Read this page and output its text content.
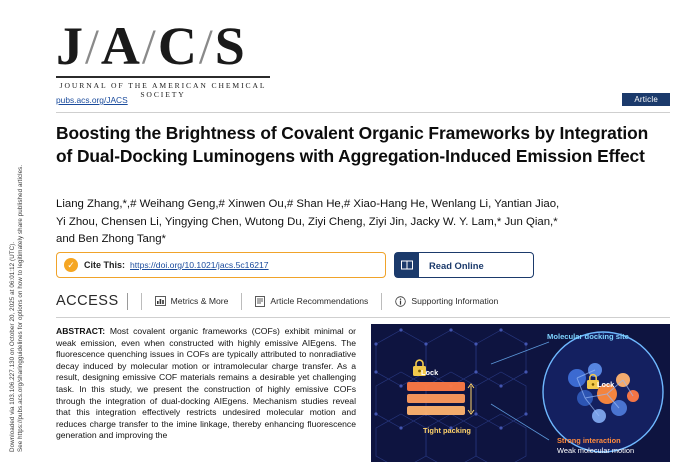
Downloaded via 103.106.227.130 on October 20, 2025 at 06:01:12 (UTC). See https://pubs.acs.org/sharingguidelines for options on how to legitimately share published articles.
J / A / C / S
JOURNAL OF THE AMERICAN CHEMICAL SOCIETY
pubs.acs.org/JACS	Article
Boosting the Brightness of Covalent Organic Frameworks by Integration of Dual-Docking Luminogens with Aggregation-Induced Emission Effect
Liang Zhang,*,# Weihang Geng,# Xinwen Ou,# Shan He,# Xiao-Hang He, Wenlang Li, Yantian Jiao,
Yi Zhou, Chensen Li, Yingying Chen, Wutong Du, Ziyi Cheng, Ziyi Jin, Jacky W. Y. Lam,* Jun Qian,*
and Ben Zhong Tang*
✓	Cite This: https://doi.org/10.1021/jacs.5c16217	Read Online
ACCESS	Metrics & More	Article Recommendations	Supporting Information
ABSTRACT: Most covalent organic frameworks (COFs) exhibit minimal or weak emission, even when constructed with highly emissive AIEgens. The fluorescence quenching issues in COFs are typically attributed to nonradiative decay induced by molecular motion or intramolecular charge transfer. As a result, designing emissive COF materials remains a desirable yet challenging task. In this study, we present the construction of highly emissive COFs through the integration of dual-docking AIEgens. Mechanism studies reveal that this integration effectively restricts undesired molecular motion and reduces charge transfer to the imine linkage, thereby enhancing fluorescence generation and improving the
Molecular docking site
Lock
Lock
Tight packing
Strong interaction
Weak molecular motion
